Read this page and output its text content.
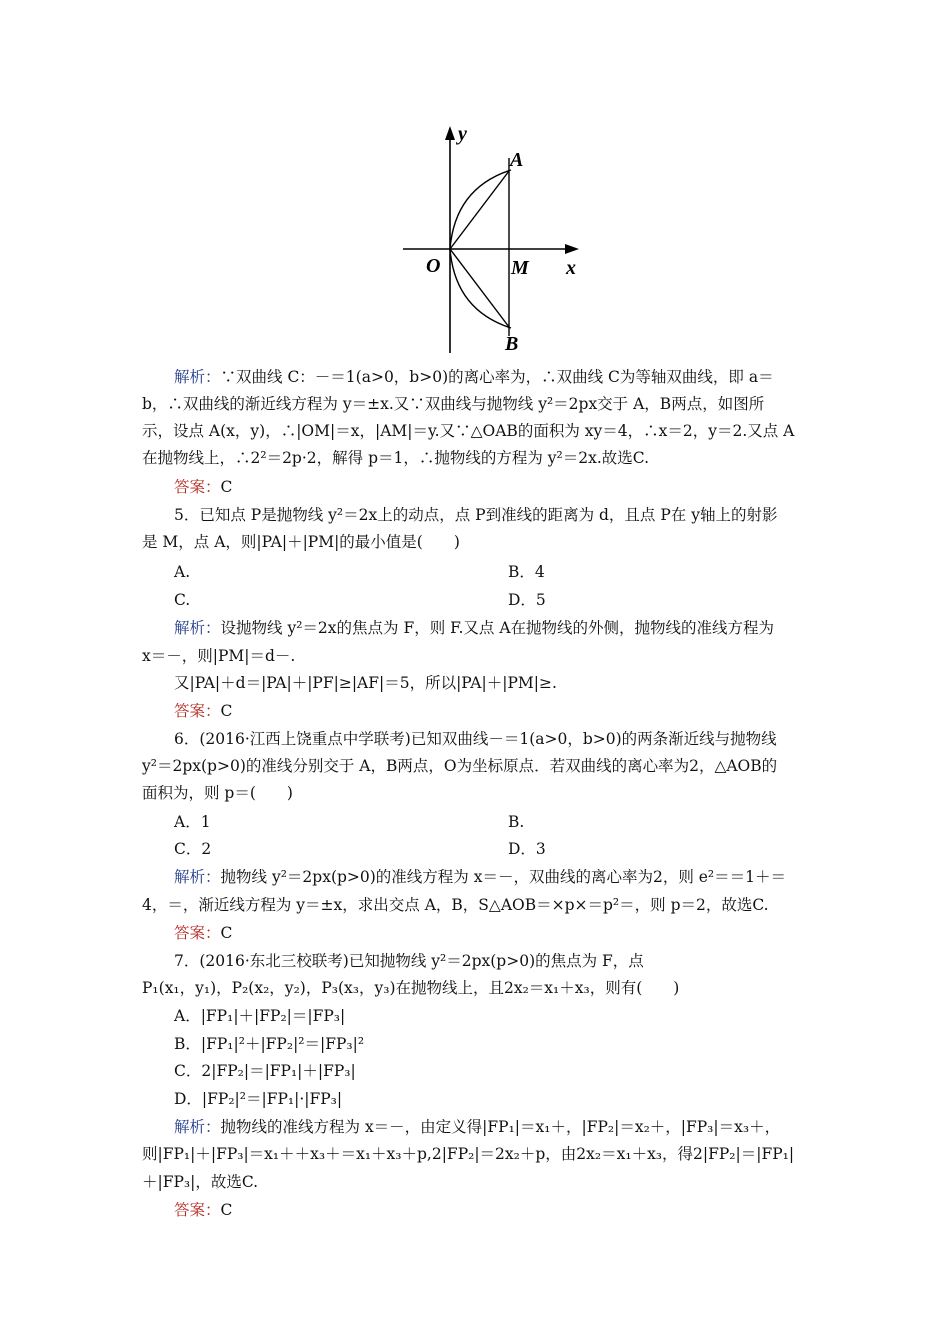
y
x
O
A
B
M
解析：∵双曲线 C：－＝1(a>0，b>0)的离心率为，∴双曲线 C为等轴双曲线，即 a＝
b，∴双曲线的渐近线方程为 y＝±x.又∵双曲线与抛物线 y²＝2px交于 A，B两点，如图所
示，设点 A(x，y)，∴|OM|＝x，|AM|＝y.又∵△OAB的面积为 xy＝4，∴x＝2，y＝2.又点 A
在抛物线上，∴2²＝2p·2，解得 p＝1，∴抛物线的方程为 y²＝2x.故选C.
答案：C
5．已知点 P是抛物线 y²＝2x上的动点，点 P到准线的距离为 d，且点 P在 y轴上的射影
是 M，点 A，则|PA|＋|PM|的最小值是(　　)
A.	B．4
C.	D．5
解析：设抛物线 y²＝2x的焦点为 F，则 F.又点 A在抛物线的外侧，抛物线的准线方程为
x＝－，则|PM|＝d－.
又|PA|＋d＝|PA|＋|PF|≥|AF|＝5，所以|PA|＋|PM|≥.
答案：C
6．(2016·江西上饶重点中学联考)已知双曲线－＝1(a>0，b>0)的两条渐近线与抛物线
y²＝2px(p>0)的准线分别交于 A，B两点，O为坐标原点．若双曲线的离心率为2，△AOB的
面积为，则 p＝(　　)
A．1	B.
C．2	D．3
解析：抛物线 y²＝2px(p>0)的准线方程为 x＝－，双曲线的离心率为2，则 e²＝＝1＋＝
4，＝，渐近线方程为 y＝±x，求出交点 A，B，S△AOB＝×p×＝p²＝，则 p＝2，故选C.
答案：C
7．(2016·东北三校联考)已知抛物线 y²＝2px(p>0)的焦点为 F，点
P₁(x₁，y₁)，P₂(x₂，y₂)，P₃(x₃，y₃)在抛物线上，且2x₂＝x₁＋x₃，则有(　　)
A．|FP₁|＋|FP₂|＝|FP₃|
B．|FP₁|²＋|FP₂|²＝|FP₃|²
C．2|FP₂|＝|FP₁|＋|FP₃|
D．|FP₂|²＝|FP₁|·|FP₃|
解析：抛物线的准线方程为 x＝－，由定义得|FP₁|＝x₁＋，|FP₂|＝x₂＋，|FP₃|＝x₃＋，
则|FP₁|＋|FP₃|＝x₁＋＋x₃＋＝x₁＋x₃＋p,2|FP₂|＝2x₂＋p，由2x₂＝x₁＋x₃，得2|FP₂|＝|FP₁|
＋|FP₃|，故选C.
答案：C
